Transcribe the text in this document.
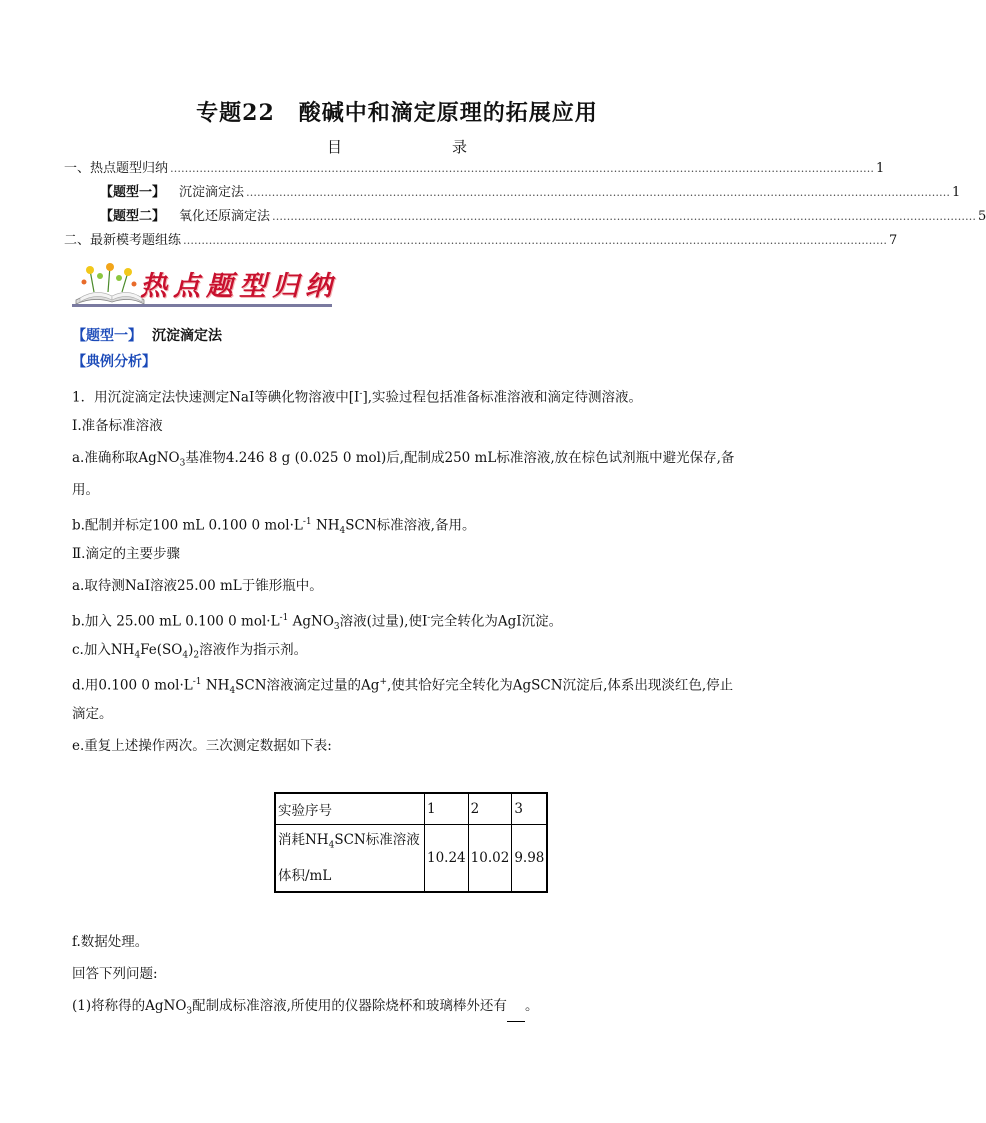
专题22 酸碱中和滴定原理的拓展应用
目	录
一、热点题型归纳 ………………………………………………………………………………………………………………………………………………………………………… 1
【题型一】 沉淀滴定法 ………………………………………………………………………………………………………………………………………………………………………… 1
【题型二】 氧化还原滴定法 ………………………………………………………………………………………………………………………………………………………………………… 5
二、最新模考题组练 ………………………………………………………………………………………………………………………………………………………………………… 7
热点题型归纳
【题型一】 沉淀滴定法
【典例分析】
1．用沉淀滴定法快速测定NaI等碘化物溶液中[I-],实验过程包括准备标准溶液和滴定待测溶液。
Ⅰ.准备标准溶液
a.准确称取AgNO$_3$基准物4.246 8 g (0.025 0 mol)后,配制成250 mL标准溶液,放在棕色试剂瓶中避光保存,备
用。
b.配制并标定100 mL 0.100 0 $mol\cdot L^{-1}$ $NH_4SCN$标准溶液,备用。
Ⅱ.滴定的主要步骤
a.取待测NaI溶液25.00 mL于锥形瓶中。
b.加入 25.00 mL 0.100 0 $mol\cdot L^{-1}$ AgNO$_3$溶液(过量),使I-完全转化为AgI沉淀。
c.加入$NH_4Fe(SO_4)_2$溶液作为指示剂。
d.用0.100 0 $mol\cdot L^{-1}$ $NH_4SCN$溶液滴定过量的Ag+,使其恰好完全转化为AgSCN沉淀后,体系出现淡红色,停止
滴定。
e.重复上述操作两次。三次测定数据如下表:
实验序号	1	2	3
消耗$NH_4SCN$标准溶液
体积/mL	10.24	10.02	9.98
f.数据处理。
回答下列问题:
(1)将称得的AgNO$_3$配制成标准溶液,所使用的仪器除烧杯和玻璃棒外还有 。
